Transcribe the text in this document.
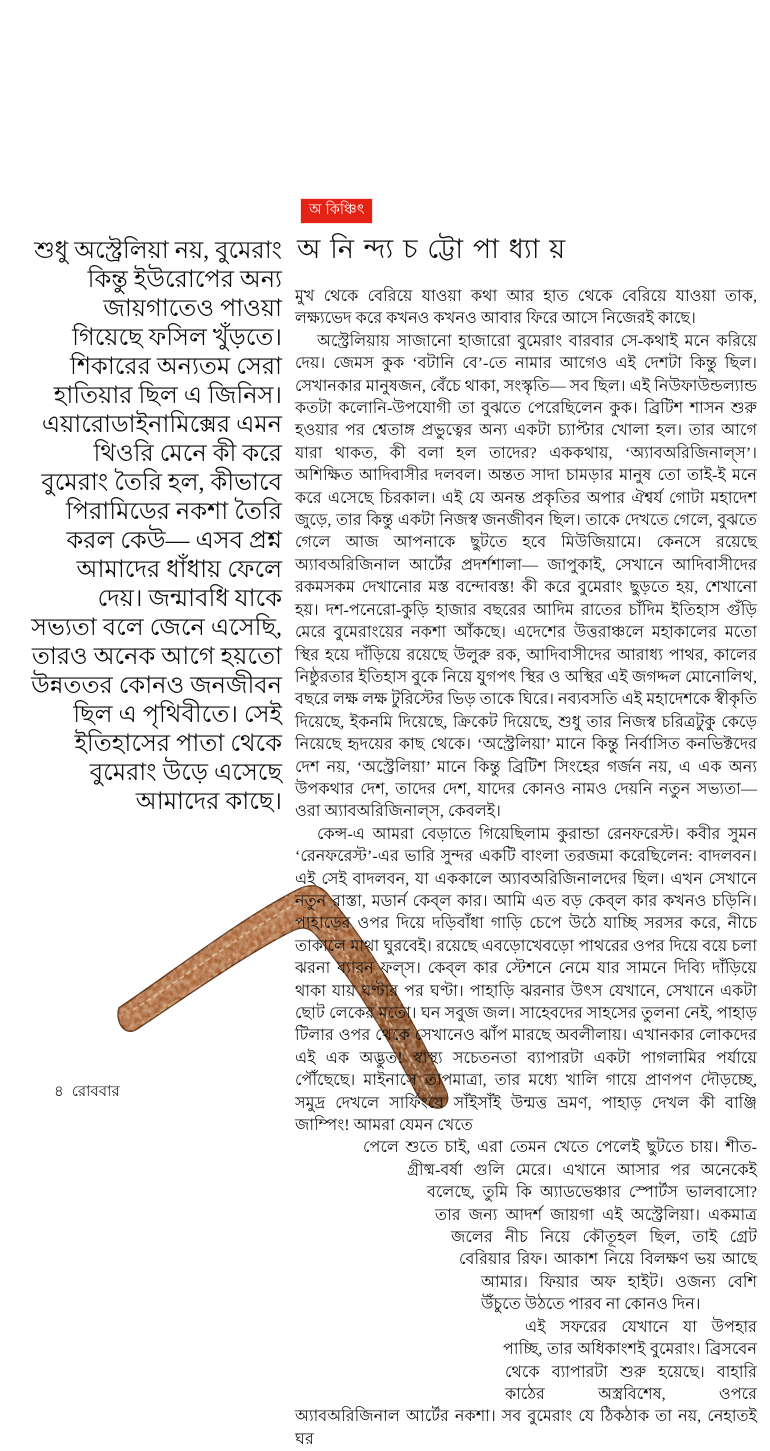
অ কিঞ্চিৎ
অ নি ন্দ্য চ ট্টো পা ধ্যা য়
শুধু অস্ট্রেলিয়া নয়, বুমেরাং কিন্তু ইউরোপের অন্য জায়গাতেও পাওয়া গিয়েছে ফসিল খুঁড়তে। শিকারের অন্যতম সেরা হাতিয়ার ছিল এ জিনিস। এয়ারোডাইনামিক্সের এমন থিওরি মেনে কী করে বুমেরাং তৈরি হল, কীভাবে পিরামিডের নকশা তৈরি করল কেউ— এসব প্রশ্ন আমাদের ধাঁধায় ফেলে দেয়। জন্মাবধি যাকে সভ্যতা বলে জেনে এসেছি, তারও অনেক আগে হয়তো উন্নততর কোনও জনজীবন ছিল এ পৃথিবীতে। সেই ইতিহাসের পাতা থেকে বুমেরাং উড়ে এসেছে আমাদের কাছে।

মুখ থেকে বেরিয়ে যাওয়া কথা আর হাত থেকে বেরিয়ে যাওয়া তাক, লক্ষ্যভেদ করে কখনও কখনও আবার ফিরে আসে নিজেরই কাছে।

অস্ট্রেলিয়ায় সাজানো হাজারো বুমেরাং বারবার সে-কথাই মনে করিয়ে দেয়। জেমস কুক ‘বটানি বে’-তে নামার আগেও এই দেশটা কিন্তু ছিল। সেখানকার মানুষজন, বেঁচে থাকা, সংস্কৃতি— সব ছিল। এই নিউফাউন্ডল্যান্ড কতটা কলোনি-উপযোগী তা বুঝতে পেরেছিলেন কুক। ব্রিটিশ শাসন শুরু হওয়ার পর শ্বেতাঙ্গ প্রভুত্বের অন্য একটা চ্যাপ্টার খোলা হল। তার আগে যারা থাকত, কী বলা হল তাদের? এককথায়, ‘অ্যাবঅরিজিনাল্স’। অশিক্ষিত আদিবাসীর দলবল। অন্তত সাদা চামড়ার মানুষ তো তাই-ই মনে করে এসেছে চিরকাল। এই যে অনন্ত প্রকৃতির অপার ঐশ্বর্য গোটা মহাদেশ জুড়ে, তার কিন্তু একটা নিজস্ব জনজীবন ছিল। তাকে দেখতে গেলে, বুঝতে গেলে আজ আপনাকে ছুটতে হবে মিউজিয়ামে। কেনসে রয়েছে অ্যাবঅরিজিনাল আর্টের প্রদর্শশালা— জাপুকাই, সেখানে আদিবাসীদের রকমসকম দেখানোর মস্ত বন্দোবস্ত! কী করে বুমেরাং ছুড়তে হয়, শেখানো হয়। দশ-পনেরো-কুড়ি হাজার বছরের আদিম রাতের চাঁদিম ইতিহাস গুঁড়ি মেরে বুমেরাংয়ের নকশা আঁকছে। এদেশের উত্তরাঞ্চলে মহাকালের মতো স্থির হয়ে দাঁড়িয়ে রয়েছে উলুরু রক, আদিবাসীদের আরাধ্য পাথর, কালের নিষ্ঠুরতার ইতিহাস বুকে নিয়ে যুগপৎ স্থির ও অস্থির এই জগদ্দল মোনোলিথ, বছরে লক্ষ লক্ষ টুরিস্টের ভিড় তাকে ঘিরে। নব্যবসতি এই মহাদেশকে স্বীকৃতি দিয়েছে, ইকনমি দিয়েছে, ক্রিকেট দিয়েছে, শুধু তার নিজস্ব চরিত্রটুকু কেড়ে নিয়েছে হৃদয়ের কাছ থেকে। ‘অস্ট্রেলিয়া’ মানে কিন্তু নির্বাসিত কনভিক্টদের দেশ নয়, ‘অস্ট্রেলিয়া’ মানে কিন্তু ব্রিটিশ সিংহের গর্জন নয়, এ এক অন্য উপকথার দেশ, তাদের দেশ, যাদের কোনও নামও দেয়নি নতুন সভ্যতা— ওরা অ্যাবঅরিজিনাল্স, কেবলই।

কেন্স-এ আমরা বেড়াতে গিয়েছিলাম কুরান্ডা রেনফরেস্ট। কবীর সুমন ‘রেনফরেস্ট’-এর ভারি সুন্দর একটি বাংলা তরজমা করেছিলেন: বাদলবন। এই সেই বাদলবন, যা এককালে অ্যাবঅরিজিনালদের ছিল। এখন সেখানে নতুন রাস্তা, মডার্ন কেব্‌ল কার। আমি এত বড় কেব্‌ল কার কখনও চড়িনি। পাহাড়ের ওপর দিয়ে দড়িবাঁধা গাড়ি চেপে উঠে যাচ্ছি সরসর করে, নীচে তাকালে মাথা ঘুরবেই। রয়েছে এবড়োখেবড়ো পাথরের ওপর দিয়ে বয়ে চলা ঝরনা ব্যারন ফল্স। কেব্‌ল কার স্টেশনে নেমে যার সামনে দিব্যি দাঁড়িয়ে থাকা যায় ঘণ্টার পর ঘণ্টা। পাহাড়ি ঝরনার উৎস যেখানে, সেখানে একটা ছোট লেকের মতো। ঘন সবুজ জল। সাহেবদের সাহসের তুলনা নেই, পাহাড় টিলার ওপর থেকে সেখানেও ঝাঁপ মারছে অবলীলায়। এখানকার লোকদের এই এক অদ্ভুত! স্বাস্থ্য সচেতনতা ব্যাপারটা একটা পাগলামির পর্যায়ে পৌঁছেছে। মাইনাসে তাপমাত্রা, তার মধ্যে খালি গায়ে প্রাণপণ দৌড়চ্ছে, সমুদ্র দেখলে সার্ফিংয়ে সাঁইসাঁই উন্মত্ত ভ্রমণ, পাহাড় দেখল কী বাঞ্জি জাম্পিং! আমরা যেমন খেতে

পেলে শুতে চাই, এরা তেমন খেতে পেলেই ছুটতে চায়। শীত-গ্রীষ্ম-বর্ষা গুলি মেরে। এখানে আসার পর অনেকেই বলেছে, তুমি কি অ্যাডভেঞ্চার স্পোর্টস ভালবাসো? তার জন্য আদর্শ জায়গা এই অস্ট্রেলিয়া। একমাত্র জলের নীচ নিয়ে কৌতূহল ছিল, তাই গ্রেট বেরিয়ার রিফ। আকাশ নিয়ে বিলক্ষণ ভয় আছে আমার। ফিয়ার অফ হাইট। ওজন্য বেশি উঁচুতে উঠতে পারব না কোনও দিন।

এই সফরের যেখানে যা উপহার পাচ্ছি, তার অধিকাংশই বুমেরাং। ব্রিসবেন থেকে ব্যাপারটা শুরু হয়েছে। বাহারি কাঠের অস্ত্রবিশেষ, ওপরে অ্যাবঅরিজিনাল আর্টের নকশা। সব বুমেরাং যে ঠিকঠাক তা নয়, নেহাতই ঘর

৪ রোববার
